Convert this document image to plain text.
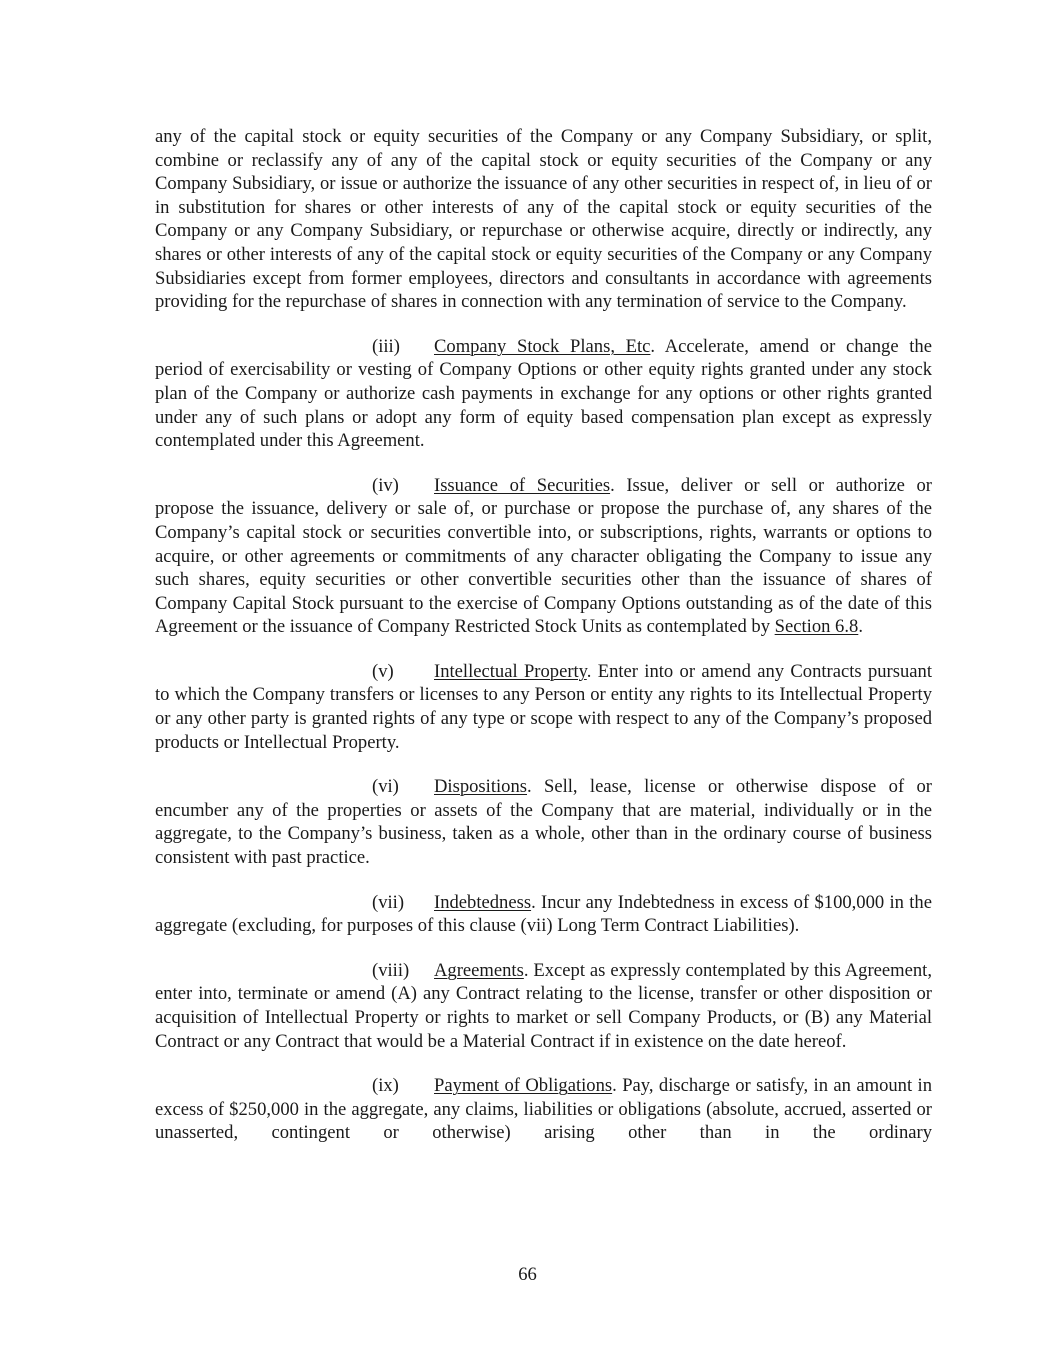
any of the capital stock or equity securities of the Company or any Company Subsidiary, or split, combine or reclassify any of any of the capital stock or equity securities of the Company or any Company Subsidiary, or issue or authorize the issuance of any other securities in respect of, in lieu of or in substitution for shares or other interests of any of the capital stock or equity securities of the Company or any Company Subsidiary, or repurchase or otherwise acquire, directly or indirectly, any shares or other interests of any of the capital stock or equity securities of the Company or any Company Subsidiaries except from former employees, directors and consultants in accordance with agreements providing for the repurchase of shares in connection with any termination of service to the Company.

(iii) Company Stock Plans, Etc. Accelerate, amend or change the period of exercisability or vesting of Company Options or other equity rights granted under any stock plan of the Company or authorize cash payments in exchange for any options or other rights granted under any of such plans or adopt any form of equity based compensation plan except as expressly contemplated under this Agreement.

(iv) Issuance of Securities. Issue, deliver or sell or authorize or propose the issuance, delivery or sale of, or purchase or propose the purchase of, any shares of the Company’s capital stock or securities convertible into, or subscriptions, rights, warrants or options to acquire, or other agreements or commitments of any character obligating the Company to issue any such shares, equity securities or other convertible securities other than the issuance of shares of Company Capital Stock pursuant to the exercise of Company Options outstanding as of the date of this Agreement or the issuance of Company Restricted Stock Units as contemplated by Section 6.8.

(v) Intellectual Property. Enter into or amend any Contracts pursuant to which the Company transfers or licenses to any Person or entity any rights to its Intellectual Property or any other party is granted rights of any type or scope with respect to any of the Company’s proposed products or Intellectual Property.

(vi) Dispositions. Sell, lease, license or otherwise dispose of or encumber any of the properties or assets of the Company that are material, individually or in the aggregate, to the Company’s business, taken as a whole, other than in the ordinary course of business consistent with past practice.

(vii) Indebtedness. Incur any Indebtedness in excess of $100,000 in the aggregate (excluding, for purposes of this clause (vii) Long Term Contract Liabilities).

(viii) Agreements. Except as expressly contemplated by this Agreement, enter into, terminate or amend (A) any Contract relating to the license, transfer or other disposition or acquisition of Intellectual Property or rights to market or sell Company Products, or (B) any Material Contract or any Contract that would be a Material Contract if in existence on the date hereof.

(ix) Payment of Obligations. Pay, discharge or satisfy, in an amount in excess of $250,000 in the aggregate, any claims, liabilities or obligations (absolute, accrued, asserted or unasserted, contingent or otherwise) arising other than in the ordinary

66
